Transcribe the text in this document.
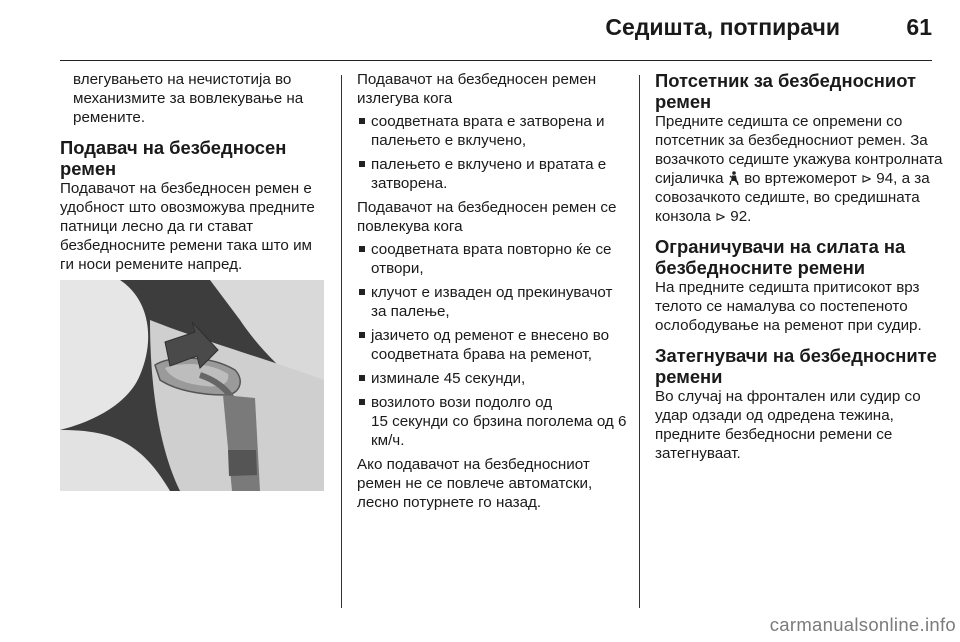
Седишта, потпирачи	61

влегувањето на нечистотија во механизмите за вовлекување на ремените.

Подавач на безбедносен ремен

Подавачот на безбедносен ремен е удобност што овозможува предните патници лесно да ги стават безбедносните ремени така што им ги носи ремените напред.

Подавачот на безбедносен ремен излегува кога

соодветната врата е затворена и палењето е вклучено,
палењето е вклучено и вратата е затворена.

Подавачот на безбедносен ремен се повлекува кога

соодветната врата повторно ќе се отвори,
клучот е извaден од прекинувачот за палење,
јазичето од ременот е внесено во соодветната брава на ременот,
изминале 45 секунди,
возилото вози подолго од
15 секунди со брзина поголема од 6 км/ч.

Ако подавачот на безбедносниот ремен не се повлече автоматски, лесно потурнете го назад.

Потсетник за безбедносниот ремен

Предните седишта се опремени со потсетник за безбедносниот ремен. За возачкото седиште укажува контролната сијаличка во вртежомерот ⊳ 94, а за совозачкото седиште, во средишната конзола ⊳ 92.

Ограничувачи на силата на безбедносните ремени

На предните седишта притисокот врз телото се намалува со постепеното ослободување на ременот при судир.

Затегнувачи на безбедносните ремени

Во случај на фронтален или судир со удар одзади од одредена тежина, предните безбедносни ремени се затегнуваат.

carmanualsonline.info
